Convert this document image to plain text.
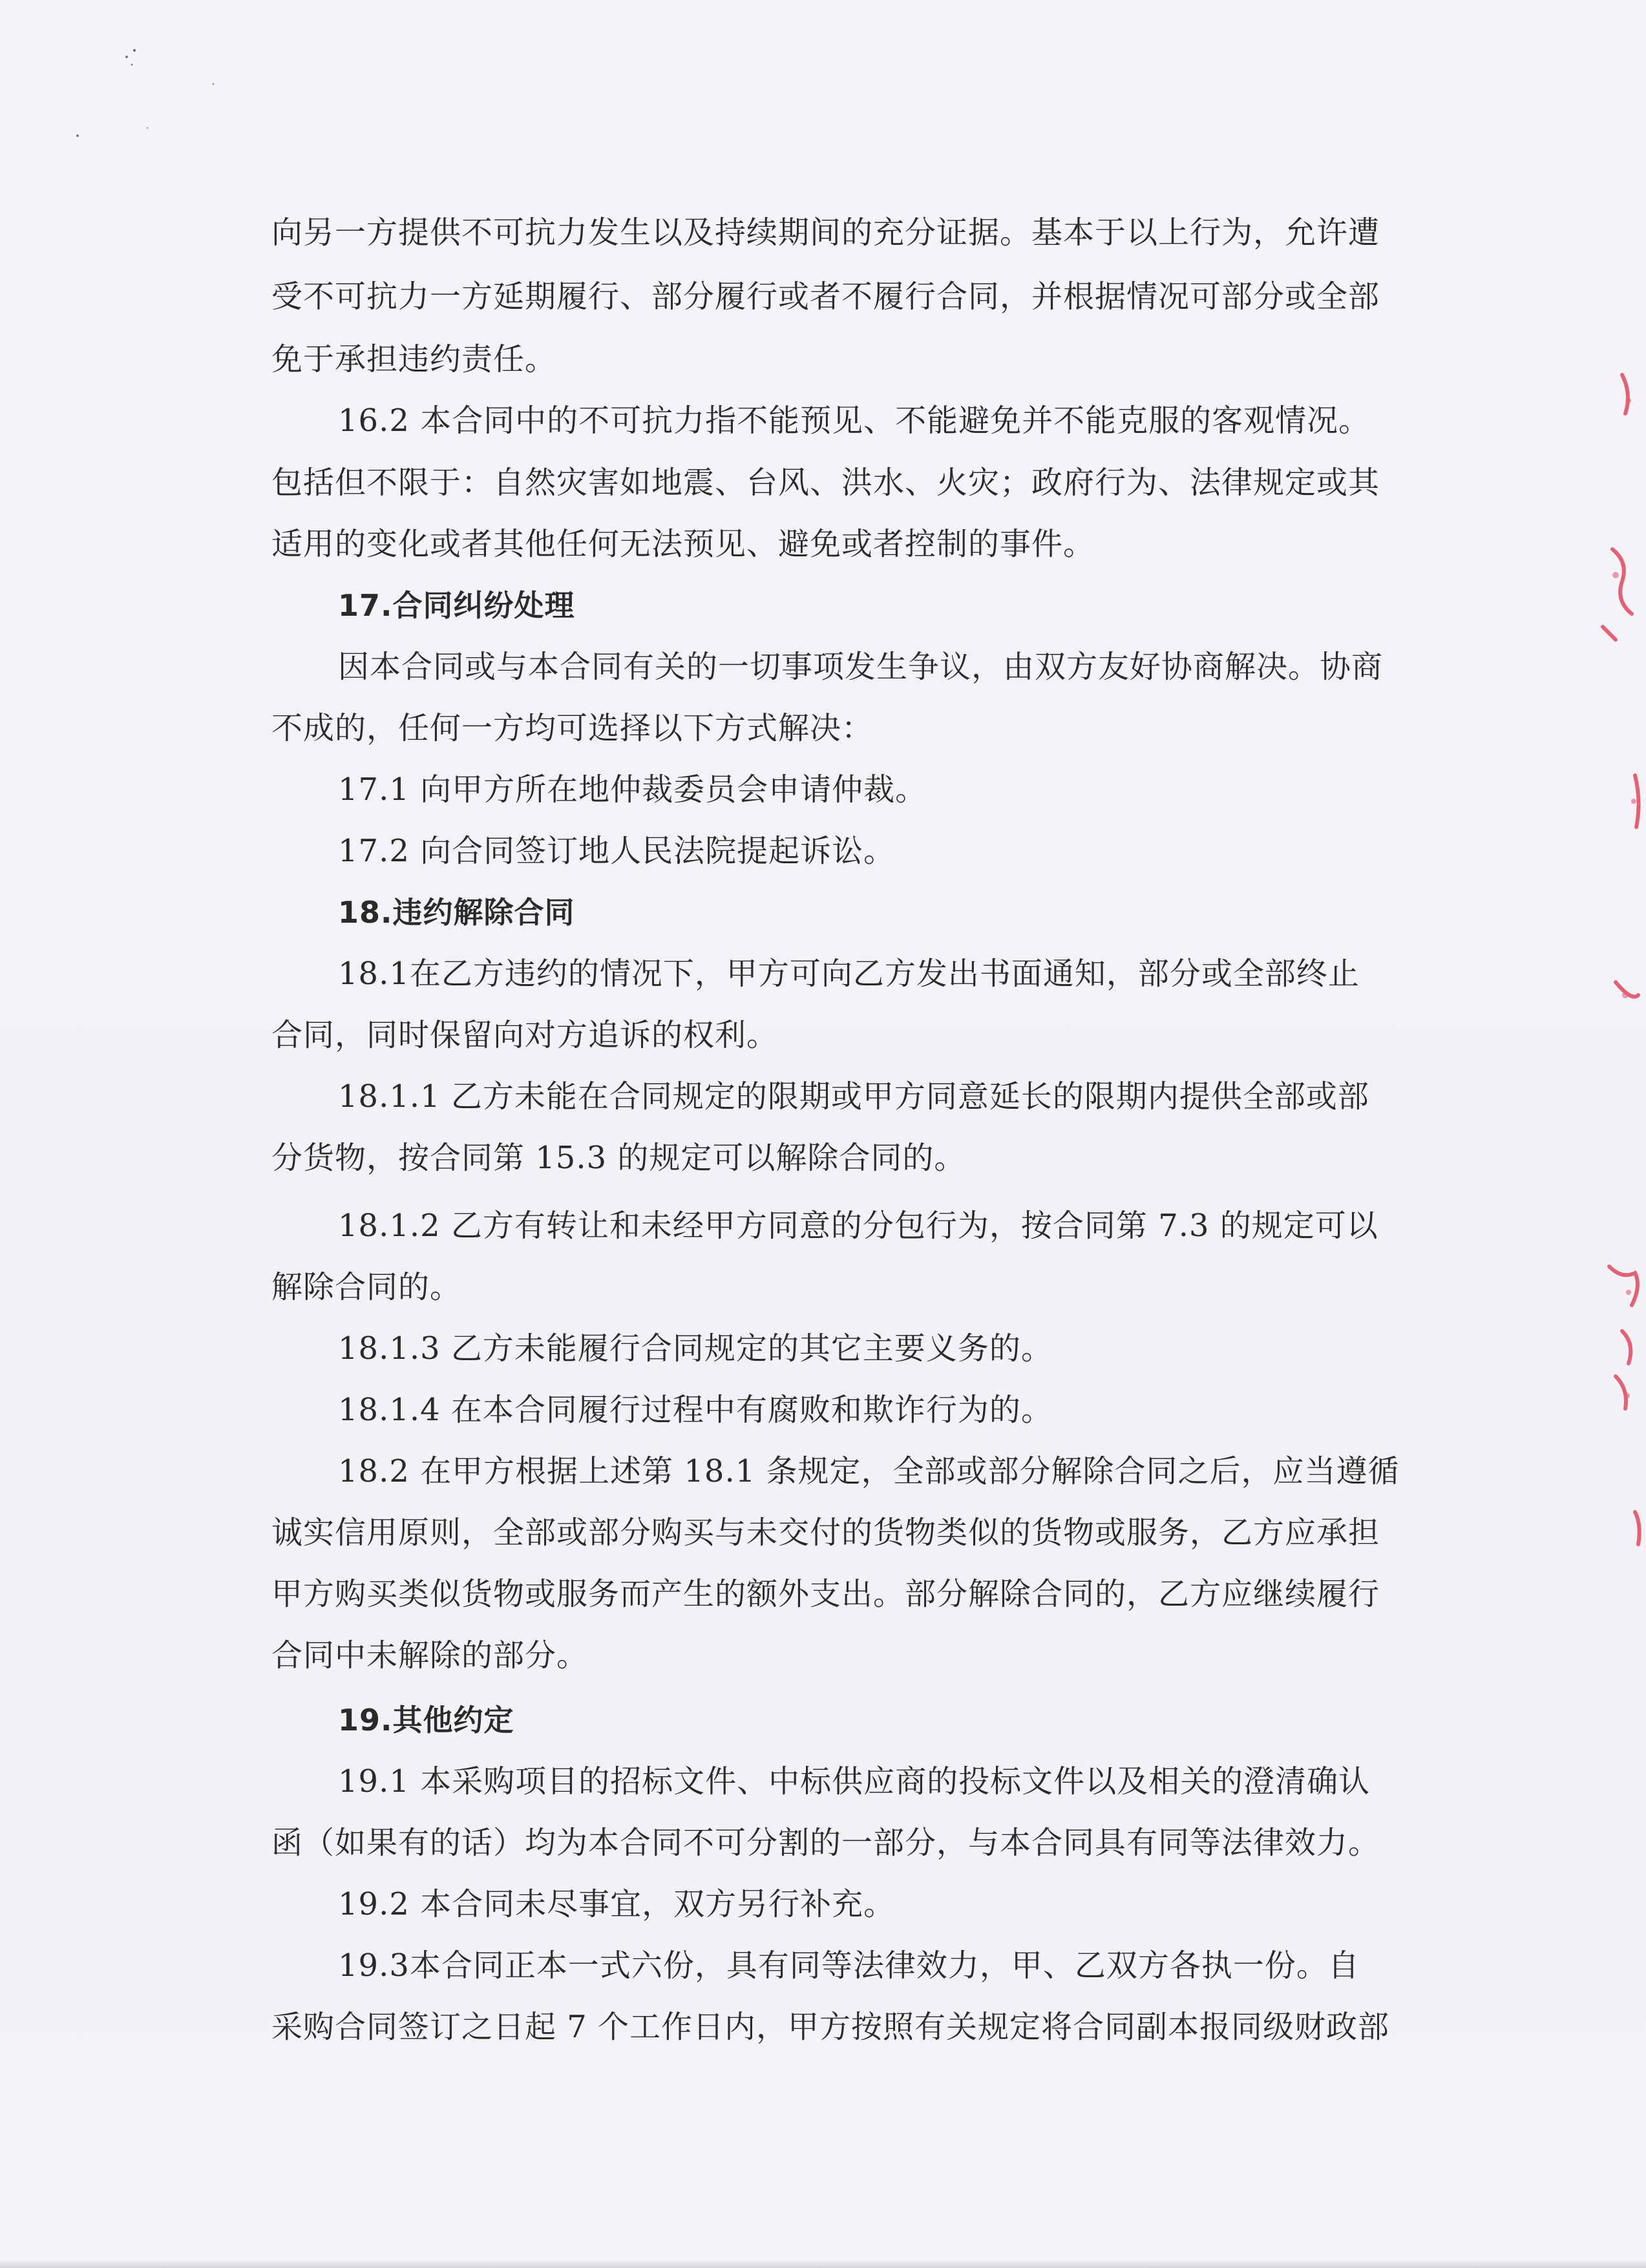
向另一方提供不可抗力发生以及持续期间的充分证据。基本于以上行为，允许遭
受不可抗力一方延期履行、部分履行或者不履行合同，并根据情况可部分或全部
免于承担违约责任。
16.2 本合同中的不可抗力指不能预见、不能避免并不能克服的客观情况。
包括但不限于：自然灾害如地震、台风、洪水、火灾；政府行为、法律规定或其
适用的变化或者其他任何无法预见、避免或者控制的事件。
17.合同纠纷处理
因本合同或与本合同有关的一切事项发生争议，由双方友好协商解决。协商
不成的，任何一方均可选择以下方式解决：
17.1 向甲方所在地仲裁委员会申请仲裁。
17.2 向合同签订地人民法院提起诉讼。
18.违约解除合同
18.1在乙方违约的情况下，甲方可向乙方发出书面通知，部分或全部终止
合同，同时保留向对方追诉的权利。
18.1.1 乙方未能在合同规定的限期或甲方同意延长的限期内提供全部或部
分货物，按合同第 15.3 的规定可以解除合同的。
18.1.2 乙方有转让和未经甲方同意的分包行为，按合同第 7.3 的规定可以
解除合同的。
18.1.3 乙方未能履行合同规定的其它主要义务的。
18.1.4 在本合同履行过程中有腐败和欺诈行为的。
18.2 在甲方根据上述第 18.1 条规定，全部或部分解除合同之后，应当遵循
诚实信用原则，全部或部分购买与未交付的货物类似的货物或服务，乙方应承担
甲方购买类似货物或服务而产生的额外支出。部分解除合同的，乙方应继续履行
合同中未解除的部分。
19.其他约定
19.1 本采购项目的招标文件、中标供应商的投标文件以及相关的澄清确认
函（如果有的话）均为本合同不可分割的一部分，与本合同具有同等法律效力。
19.2 本合同未尽事宜，双方另行补充。
19.3本合同正本一式六份，具有同等法律效力，甲、乙双方各执一份。自
采购合同签订之日起 7 个工作日内，甲方按照有关规定将合同副本报同级财政部
